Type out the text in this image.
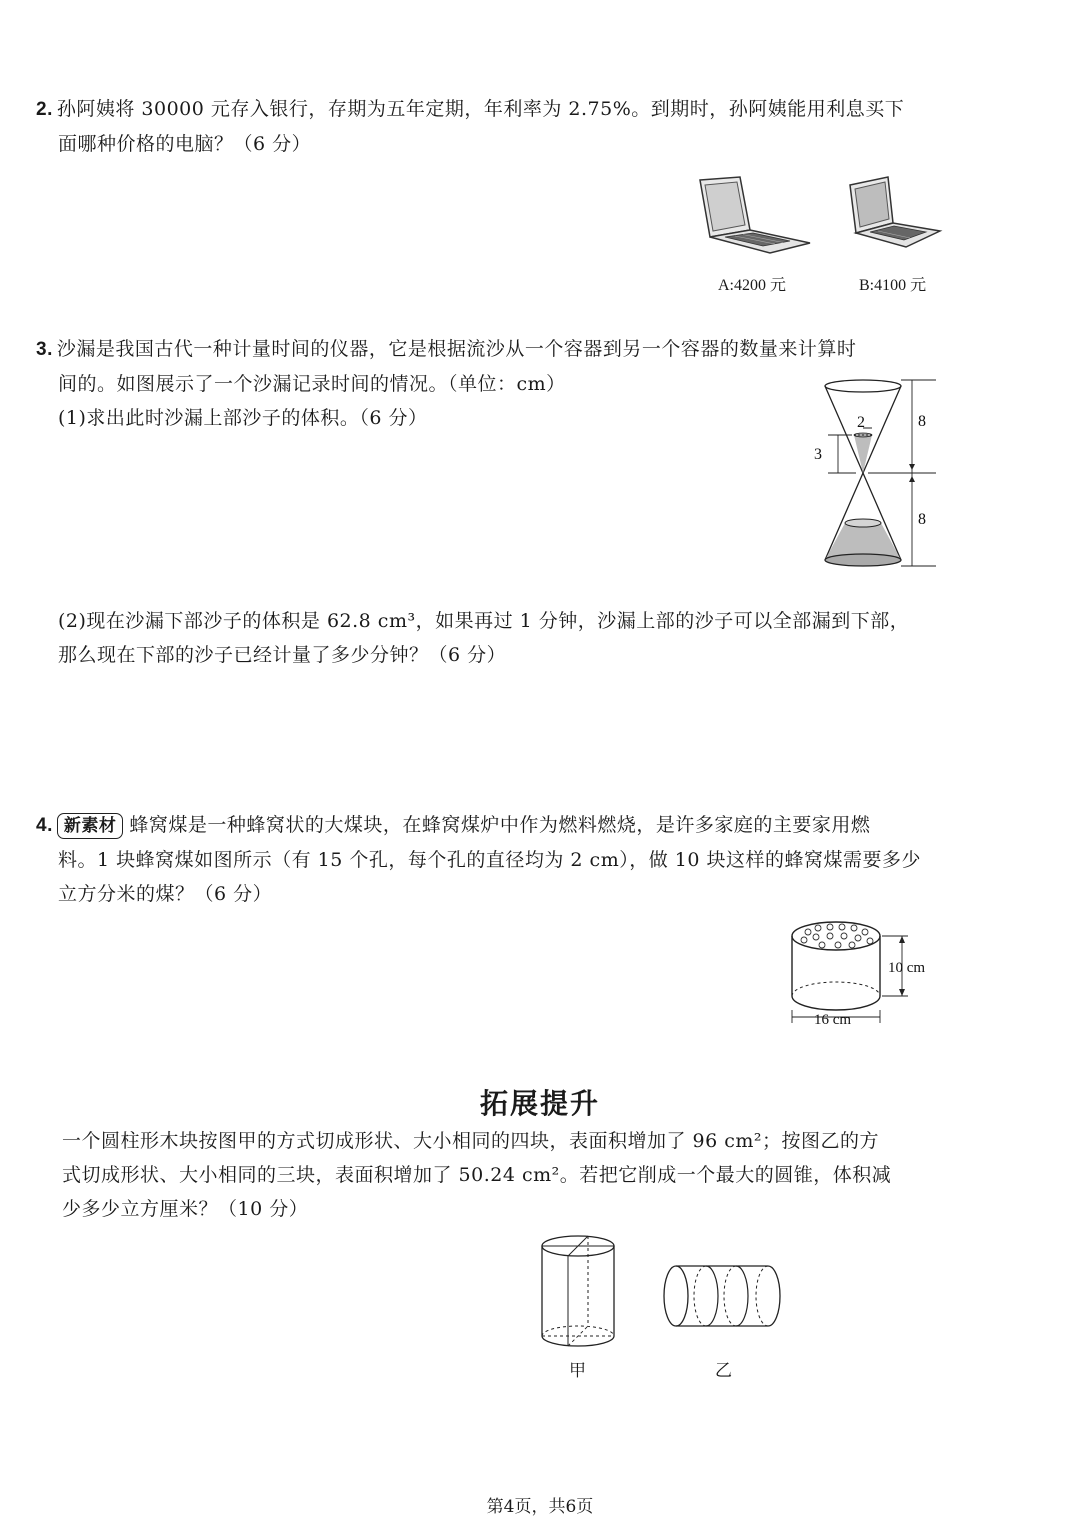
2. 孙阿姨将 30000 元存入银行，存期为五年定期，年利率为 2.75%。到期时，孙阿姨能用利息买下

面哪种价格的电脑？（6 分）

A:4200 元	B:4100 元

3. 沙漏是我国古代一种计量时间的仪器，它是根据流沙从一个容器到另一个容器的数量来计算时

间的。如图展示了一个沙漏记录时间的情况。（单位：cm）

(1)求出此时沙漏上部沙子的体积。（6 分）	2
3
8
8

(2)现在沙漏下部沙子的体积是 62.8 cm³，如果再过 1 分钟，沙漏上部的沙子可以全部漏到下部，

那么现在下部的沙子已经计量了多少分钟？（6 分）

4. 新素材 蜂窝煤是一种蜂窝状的大煤块，在蜂窝煤炉中作为燃料燃烧，是许多家庭的主要家用燃

料。1 块蜂窝煤如图所示（有 15 个孔，每个孔的直径均为 2 cm），做 10 块这样的蜂窝煤需要多少

立方分米的煤？（6 分）

10 cm
16 cm
拓展提升

一个圆柱形木块按图甲的方式切成形状、大小相同的四块，表面积增加了 96 cm²；按图乙的方

式切成形状、大小相同的三块，表面积增加了 50.24 cm²。若把它削成一个最大的圆锥，体积减

少多少立方厘米？（10 分）

甲	乙
第4页，共6页
